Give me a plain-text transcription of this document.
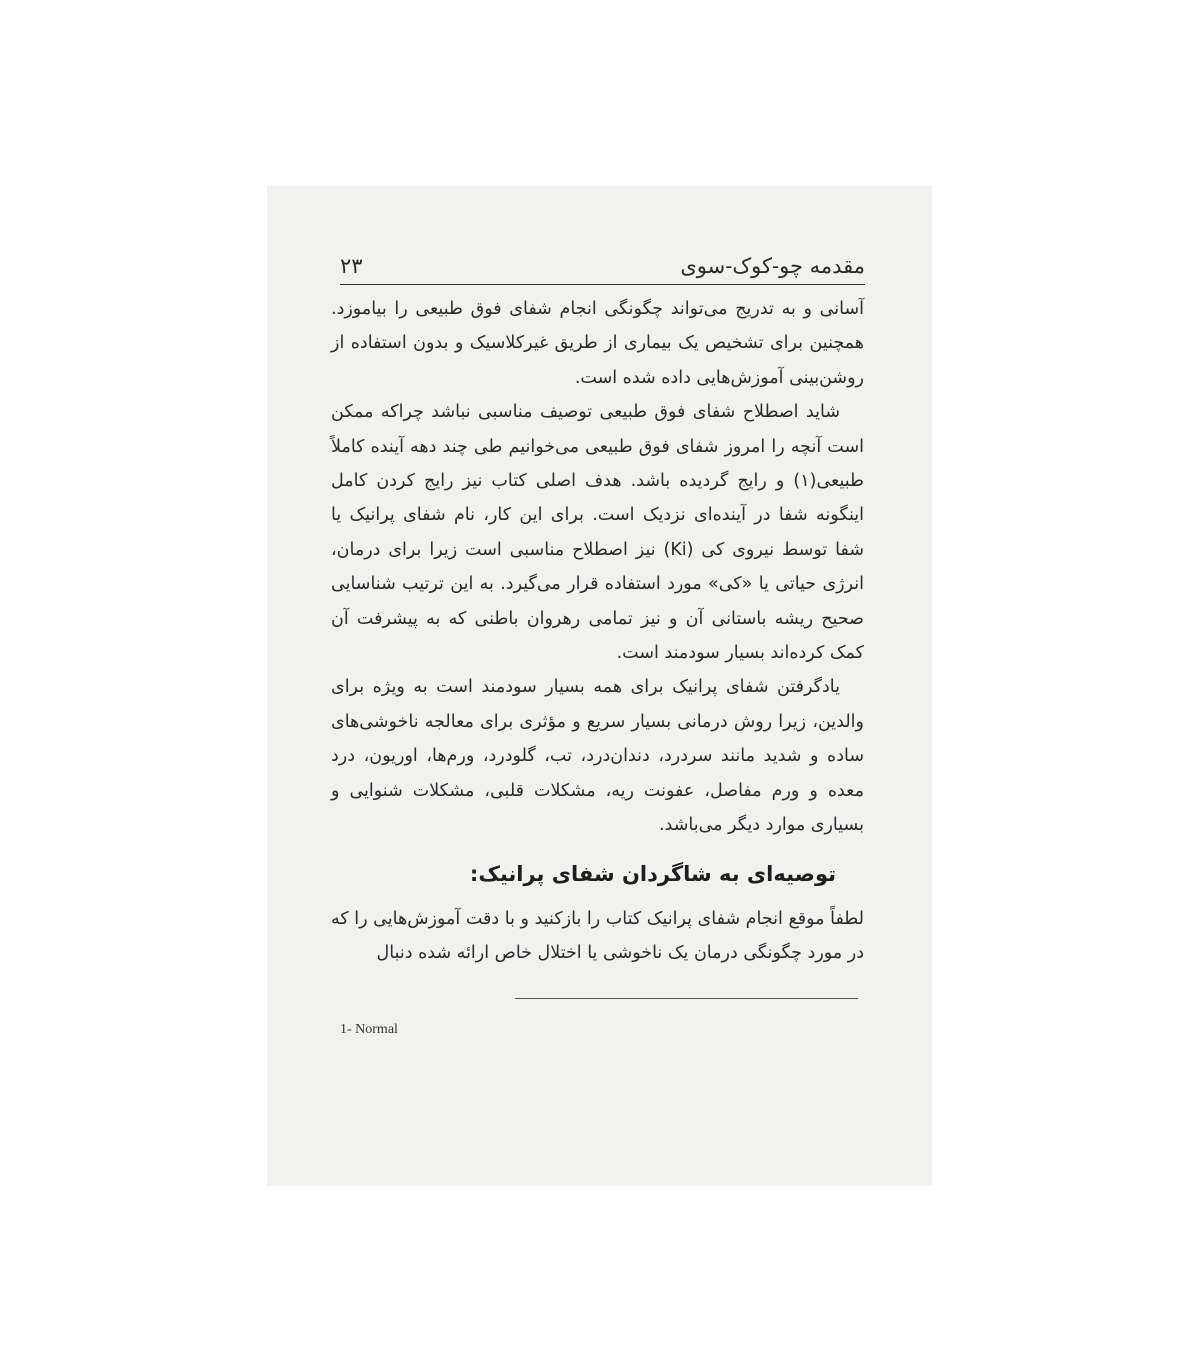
مقدمه چو-کوک-سوی
۲۳

آسانی و به تدریج می‌تواند چگونگی انجام شفای فوق طبیعی را بیاموزد. همچنین برای تشخیص یک بیماری از طریق غیرکلاسیک و بدون استفاده از روشن‌بینی آموزش‌هایی داده شده است.

شاید اصطلاح شفای فوق طبیعی توصیف مناسبی نباشد چراکه ممکن است آنچه را امروز شفای فوق طبیعی می‌خوانیم طی چند دهه آینده کاملاً طبیعی(۱) و رایج گردیده باشد. هدف اصلی کتاب نیز رایج کردن کامل اینگونه شفا در آینده‌ای نزدیک است. برای این کار، نام شفای پرانیک یا شفا توسط نیروی کی (Ki) نیز اصطلاح مناسبی است زیرا برای درمان، انرژی حیاتی یا «کی» مورد استفاده قرار می‌گیرد. به این ترتیب شناسایی صحیح ریشه باستانی آن و نیز تمامی رهروان باطنی که به پیشرفت آن کمک کرده‌اند بسیار سودمند است.

یادگرفتن شفای پرانیک برای همه بسیار سودمند است به ویژه برای والدین، زیرا روش درمانی بسیار سریع و مؤثری برای معالجه ناخوشی‌های ساده و شدید مانند سردرد، دندان‌درد، تب، گلودرد، ورم‌ها، اوریون، درد معده و ورم مفاصل، عفونت ریه، مشکلات قلبی، مشکلات شنوایی و بسیاری موارد دیگر می‌باشد.

توصیه‌ای به شاگردان شفای پرانیک:

لطفاً موقع انجام شفای پرانیک کتاب را بازکنید و با دقت آموزش‌هایی را که در مورد چگونگی درمان یک ناخوشی یا اختلال خاص ارائه شده دنبال

1- Normal
